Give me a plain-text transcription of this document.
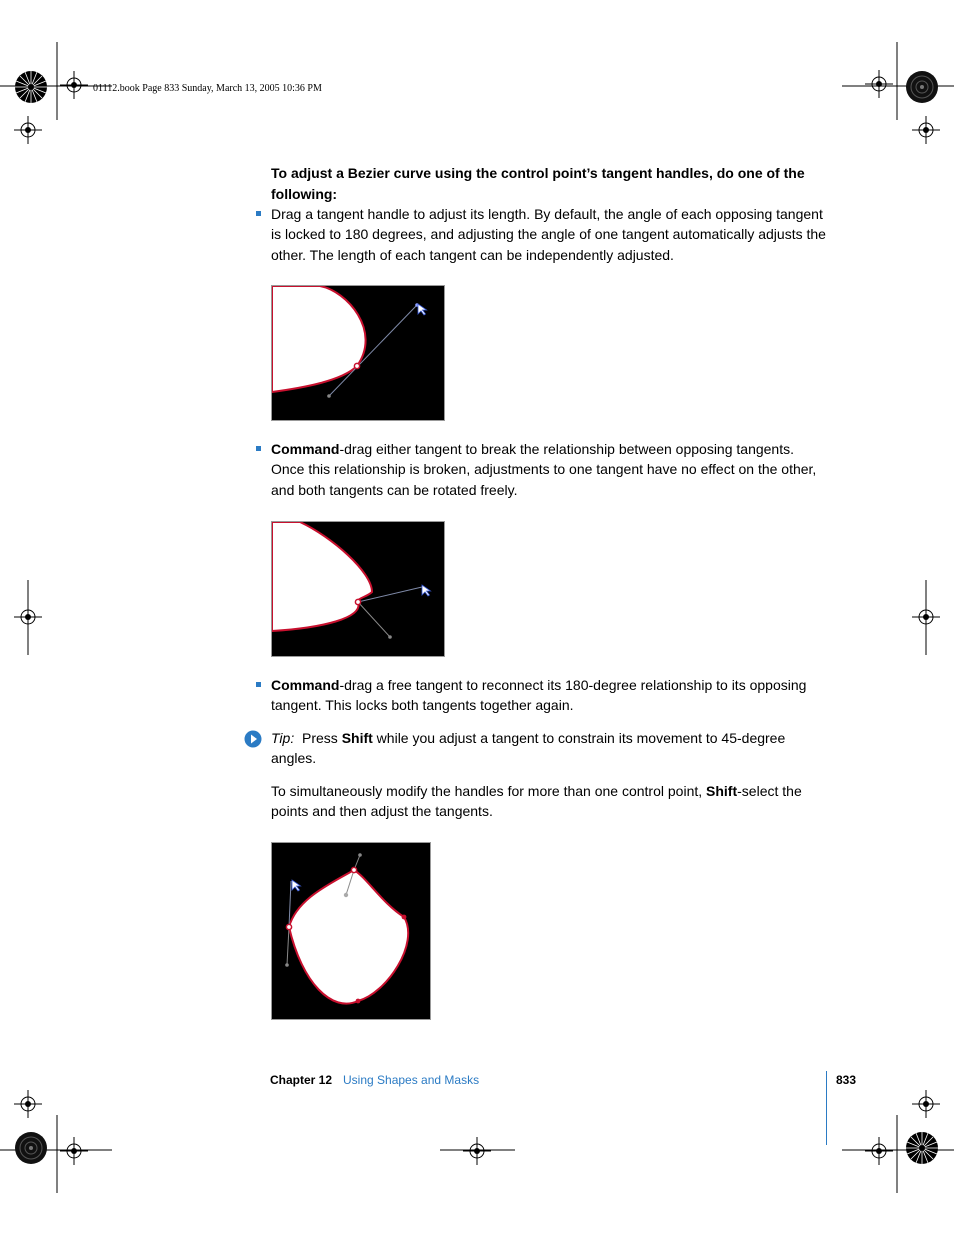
01112.book Page 833 Sunday, March 13, 2005 10:36 PM
To adjust a Bezier curve using the control point’s tangent handles, do one of the following:
Drag a tangent handle to adjust its length. By default, the angle of each opposing tangent is locked to 180 degrees, and adjusting the angle of one tangent automatically adjusts the other. The length of each tangent can be independently adjusted.
Command-drag either tangent to break the relationship between opposing tangents. Once this relationship is broken, adjustments to one tangent have no effect on the other, and both tangents can be rotated freely.
Command-drag a free tangent to reconnect its 180-degree relationship to its opposing tangent. This locks both tangents together again.
Tip: Press Shift while you adjust a tangent to constrain its movement to 45-degree angles.
To simultaneously modify the handles for more than one control point, Shift-select the points and then adjust the tangents.
Chapter 12 Using Shapes and Masks	833
